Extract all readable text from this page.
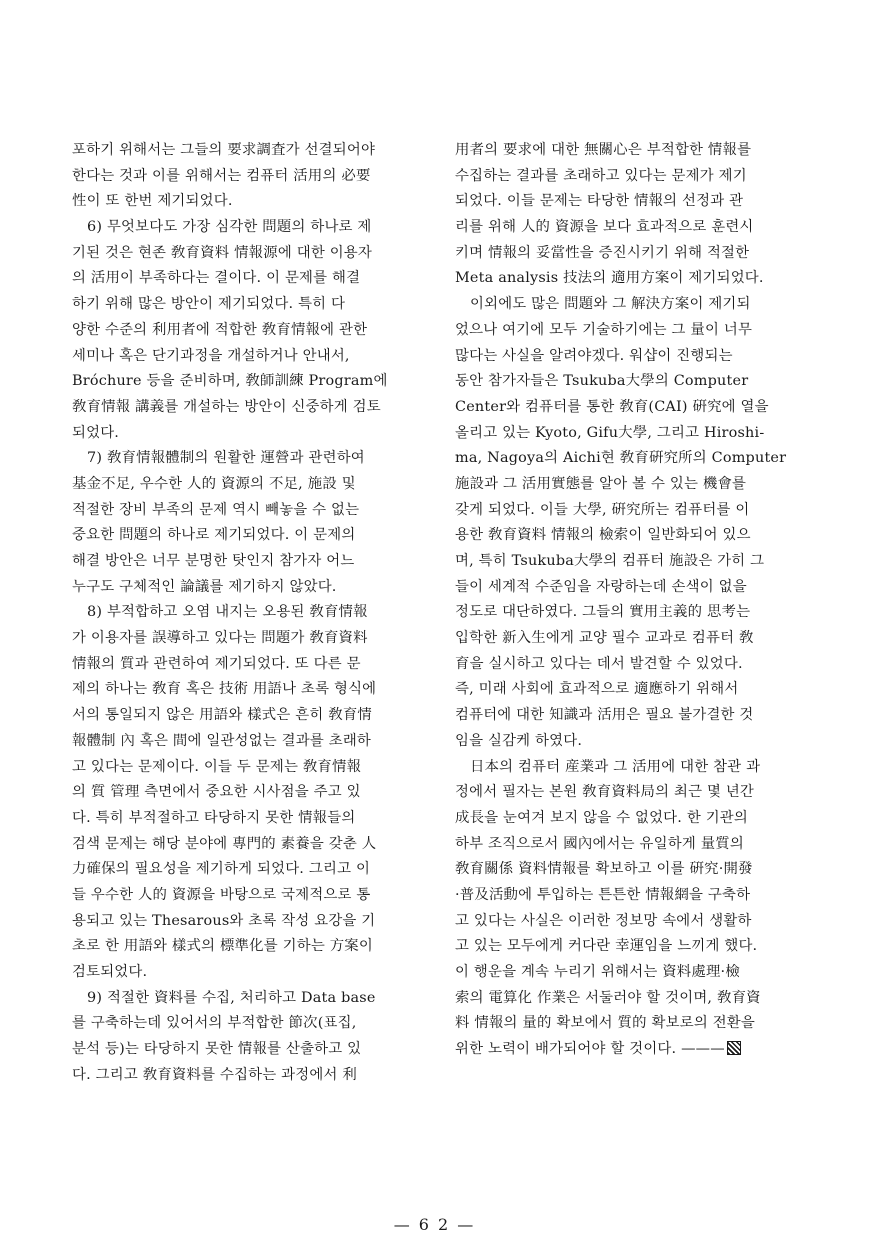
포하기 위해서는 그들의 要求調査가 선결되어야
한다는 것과 이를 위해서는 컴퓨터 活用의 必要
性이 또 한번 제기되었다.
6) 무엇보다도 가장 심각한 問題의 하나로 제
기된 것은 현존 敎育資料 情報源에 대한 이용자
의 活用이 부족하다는 결이다. 이 문제를 해결
하기 위해 많은 방안이 제기되었다. 특히 다
양한 수준의 利用者에 적합한 敎育情報에 관한
세미나 혹은 단기과정을 개설하거나 안내서,
Bróchure 등을 준비하며, 敎師訓練 Program에
敎育情報 講義를 개설하는 방안이 신중하게 검토
되었다.
7) 敎育情報體制의 원활한 運營과 관련하여
基金不足, 우수한 人的 資源의 不足, 施設 및
적절한 장비 부족의 문제 역시 빼놓을 수 없는
중요한 問題의 하나로 제기되었다. 이 문제의
해결 방안은 너무 분명한 탓인지 참가자 어느
누구도 구체적인 論議를 제기하지 않았다.
8) 부적합하고 오염 내지는 오용된 敎育情報
가 이용자를 誤導하고 있다는 問題가 敎育資料
情報의 質과 관련하여 제기되었다. 또 다른 문
제의 하나는 敎育 혹은 技術 用語나 초록 형식에
서의 통일되지 않은 用語와 樣式은 흔히 敎育情
報體制 內 혹은 間에 일관성없는 결과를 초래하
고 있다는 문제이다. 이들 두 문제는 敎育情報
의 質 管理 측면에서 중요한 시사점을 주고 있
다. 특히 부적절하고 타당하지 못한 情報들의
검색 문제는 해당 분야에 專門的 素養을 갖춘 人
力確保의 필요성을 제기하게 되었다. 그리고 이
들 우수한 人的 資源을 바탕으로 국제적으로 통
용되고 있는 Thesarous와 초록 작성 요강을 기
초로 한 用語와 樣式의 標準化를 기하는 方案이
검토되었다.
9) 적절한 資料를 수집, 처리하고 Data base
를 구축하는데 있어서의 부적합한 節次(표집,
분석 등)는 타당하지 못한 情報를 산출하고 있
다. 그리고 敎育資料를 수집하는 과정에서 利
用者의 要求에 대한 無關心은 부적합한 情報를
수집하는 결과를 초래하고 있다는 문제가 제기
되었다. 이들 문제는 타당한 情報의 선정과 관
리를 위해 人的 資源을 보다 효과적으로 훈련시
키며 情報의 妥當性을 증진시키기 위해 적절한
Meta analysis 技法의 適用方案이 제기되었다.
이외에도 많은 問題와 그 解決方案이 제기되
었으나 여기에 모두 기술하기에는 그 量이 너무
많다는 사실을 알려야겠다. 워샵이 진행되는
동안 참가자들은 Tsukuba大學의 Computer
Center와 컴퓨터를 통한 敎育(CAI) 硏究에 열을
올리고 있는 Kyoto, Gifu大學, 그리고 Hiroshi-
ma, Nagoya의 Aichi현 敎育硏究所의 Computer
施設과 그 活用實態를 알아 볼 수 있는 機會를
갖게 되었다. 이들 大學, 硏究所는 컴퓨터를 이
용한 敎育資料 情報의 檢索이 일반화되어 있으
며, 특히 Tsukuba大學의 컴퓨터 施設은 가히 그
들이 세계적 수준임을 자랑하는데 손색이 없을
정도로 대단하였다. 그들의 實用主義的 思考는
입학한 新入生에게 교양 필수 교과로 컴퓨터 敎
育을 실시하고 있다는 데서 발견할 수 있었다.
즉, 미래 사회에 효과적으로 適應하기 위해서
컴퓨터에 대한 知識과 活用은 필요 불가결한 것
임을 실감케 하였다.
日本의 컴퓨터 産業과 그 活用에 대한 참관 과
정에서 필자는 본원 敎育資料局의 최근 몇 년간
成長을 눈여겨 보지 않을 수 없었다. 한 기관의
하부 조직으로서 國內에서는 유일하게 量質의
敎育關係 資料情報를 확보하고 이를 硏究·開發
·普及活動에 투입하는 튼튼한 情報網을 구축하
고 있다는 사실은 이러한 정보망 속에서 생활하
고 있는 모두에게 커다란 幸運임을 느끼게 했다.
이 행운을 계속 누리기 위해서는 資料處理·檢
索의 電算化 作業은 서둘러야 할 것이며, 敎育資
料 情報의 量的 확보에서 質的 확보로의 전환을
위한 노력이 배가되어야 할 것이다. ———
— 6 2 —
